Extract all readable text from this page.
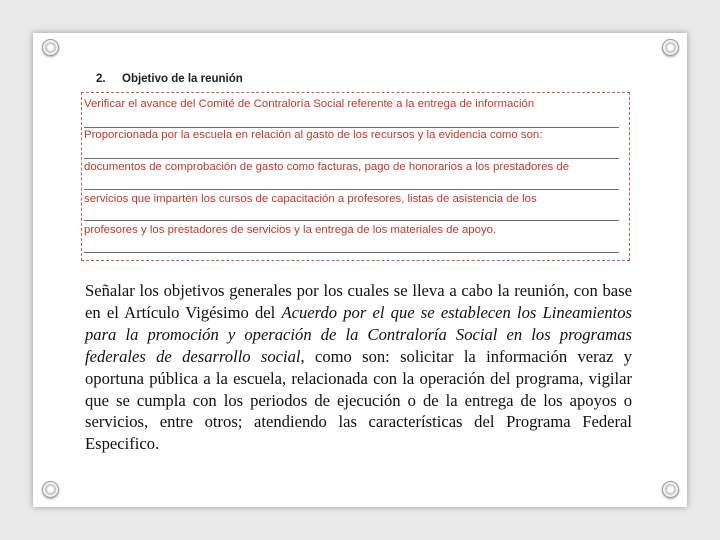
2. Objetivo de la reunión
Verificar el avance del Comité de Contraloría Social referente a la entrega de información
Proporcionada por la escuela en relación al gasto de los recursos y la evidencia como son:
documentos de comprobación de gasto como facturas, pago de honorarios a los prestadores de
servicios que imparten los cursos de capacitación a profesores, listas de asistencia de los
profesores y los prestadores de servicios y la entrega de los materiales de apoyo.

Señalar los objetivos generales por los cuales se lleva a cabo la reunión, con base en el Artículo Vigésimo del Acuerdo por el que se establecen los Lineamientos para la promoción y operación de la Contraloría Social en los programas federales de desarrollo social, como son: solicitar la información veraz y oportuna pública a la escuela, relacionada con la operación del programa, vigilar que se cumpla con los periodos de ejecución o de la entrega de los apoyos o servicios, entre otros; atendiendo las características del Programa Federal Especifico.
